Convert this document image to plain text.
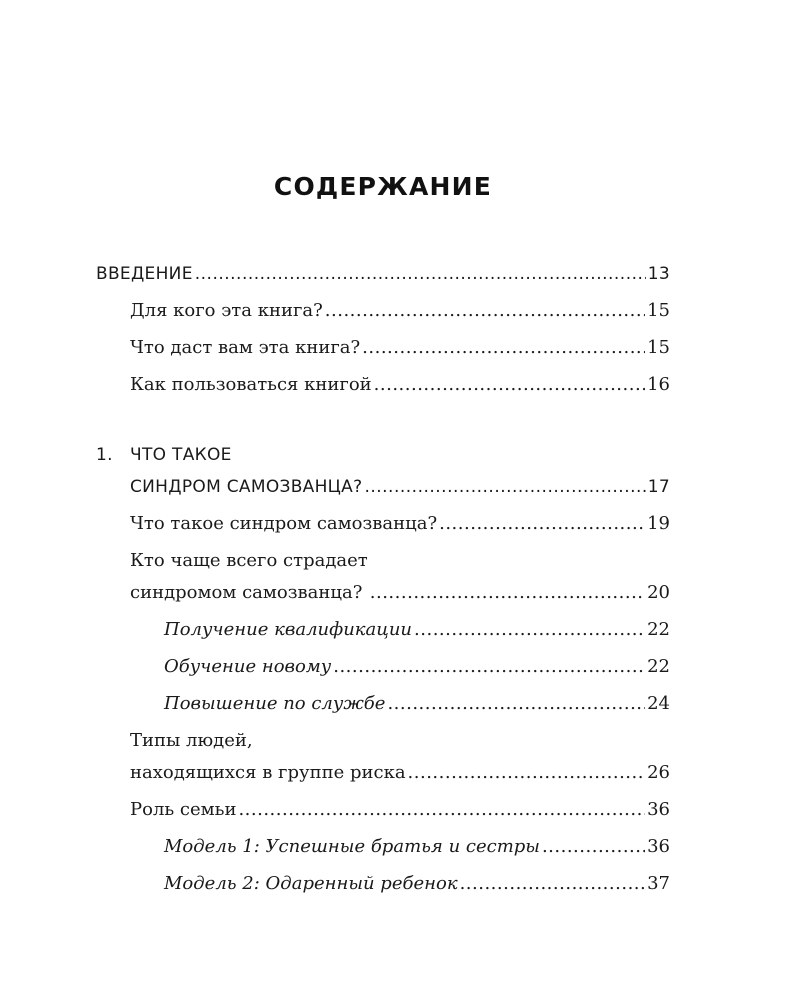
СОДЕРЖАНИЕ
ВВЕДЕНИЕ .....	13
Для кого эта книга? .....	15
Что даст вам эта книга? .....	15
Как пользоваться книгой .....	16
1. ЧТО ТАКОЕ
СИНДРОМ САМОЗВАНЦА? .....	17
Что такое синдром самозванца? .....	19
Кто чаще всего страдает
синдромом самозванца? .....	20
Получение квалификации .....	22
Обучение новому .....	22
Повышение по службе .....	24
Типы людей,
находящихся в группе риска .....	26
Роль семьи .....	36
Модель 1: Успешные братья и сестры .....	36
Модель 2: Одаренный ребенок .....	37
